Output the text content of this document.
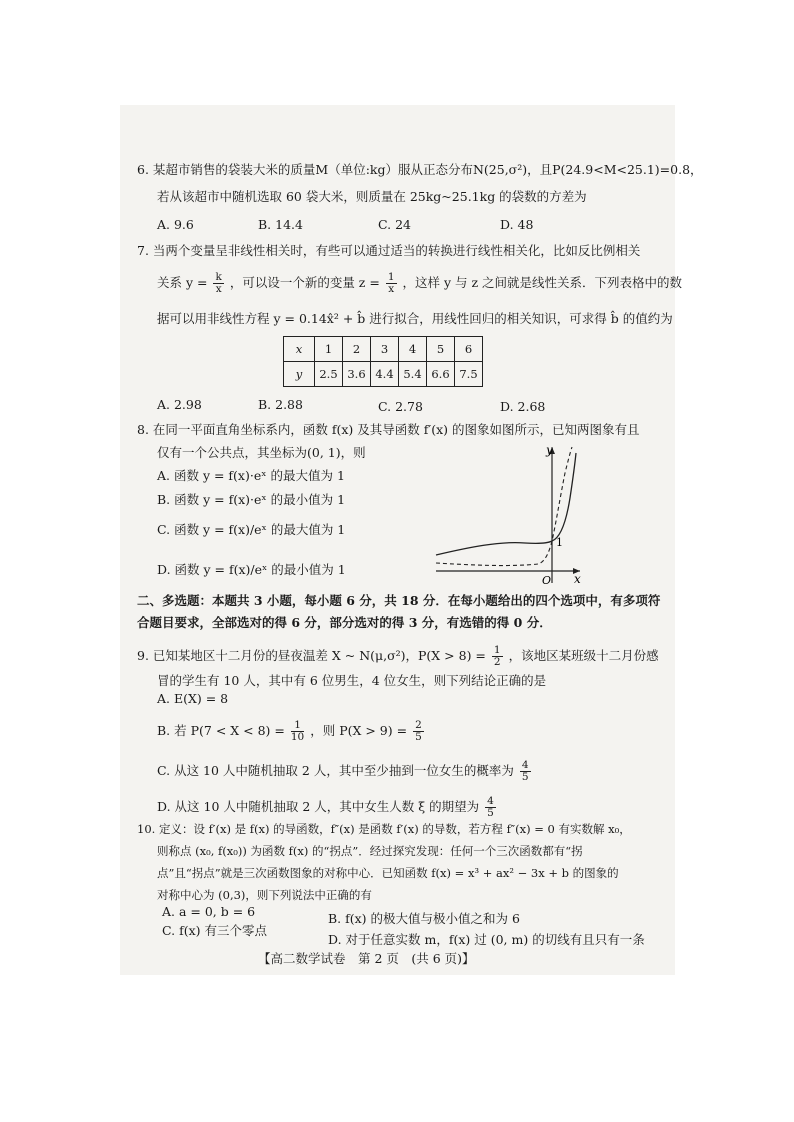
6. 某超市销售的袋装大米的质量M（单位:kg）服从正态分布N(25,σ²)，且P(24.9<M<25.1)=0.8，
若从该超市中随机选取 60 袋大米，则质量在 25kg~25.1kg 的袋数的方差为
A. 9.6	B. 14.4	C. 24	D. 48
7. 当两个变量呈非线性相关时，有些可以通过适当的转换进行线性相关化，比如反比例相关
关系 $y = \frac{k}{x}$ ，可以设一个新的变量 $z = \frac{1}{x}$ ，这样 y 与 z 之间就是线性关系．下列表格中的数
据可以用非线性方程 y = 0.14x̂² + b̂ 进行拟合，用线性回归的相关知识，可求得 b̂ 的值约为
x	1	2	3	4	5	6
y	2.5	3.6	4.4	5.4	6.6	7.5
A. 2.98	B. 2.88	C. 2.78	D. 2.68
8. 在同一平面直角坐标系内，函数 f(x) 及其导函数 f′(x) 的图象如图所示，已知两图象有且
仅有一个公共点，其坐标为(0, 1)，则
A. 函数 y = f(x)·eˣ 的最大值为 1
B. 函数 y = f(x)·eˣ 的最小值为 1
C. 函数 y = f(x)/eˣ 的最大值为 1
D. 函数 y = f(x)/eˣ 的最小值为 1
y
x
O
1
二、多选题：本题共 3 小题，每小题 6 分，共 18 分．在每小题给出的四个选项中，有多项符
合题目要求，全部选对的得 6 分，部分选对的得 3 分，有选错的得 0 分．
9. 已知某地区十二月份的昼夜温差 X ~ N(μ,σ²)，$P(X > 8) = \frac{1}{2}$ ，该地区某班级十二月份感
冒的学生有 10 人，其中有 6 位男生，4 位女生，则下列结论正确的是
A. E(X) = 8
B. 若 $P(7 < X < 8) = \frac{1}{10}$ ，则 $P(X > 9) = \frac{2}{5}$
C. 从这 10 人中随机抽取 2 人，其中至少抽到一位女生的概率为 $\frac{4}{5}$
D. 从这 10 人中随机抽取 2 人，其中女生人数 ξ 的期望为 $\frac{4}{5}$
10. 定义：设 f′(x) 是 f(x) 的导函数，f″(x) 是函数 f′(x) 的导数，若方程 f″(x) = 0 有实数解 x₀，
则称点 (x₀, f(x₀)) 为函数 f(x) 的“拐点”．经过探究发现：任何一个三次函数都有“拐
点”且“拐点”就是三次函数图象的对称中心．已知函数 f(x) = x³ + ax² − 3x + b 的图象的
对称中心为 (0,3)，则下列说法中正确的有
A. a = 0, b = 6	B. f(x) 的极大值与极小值之和为 6
C. f(x) 有三个零点
D. 对于任意实数 m，f(x) 过 (0, m) 的切线有且只有一条
【高二数学试卷　第 2 页　(共 6 页)】
